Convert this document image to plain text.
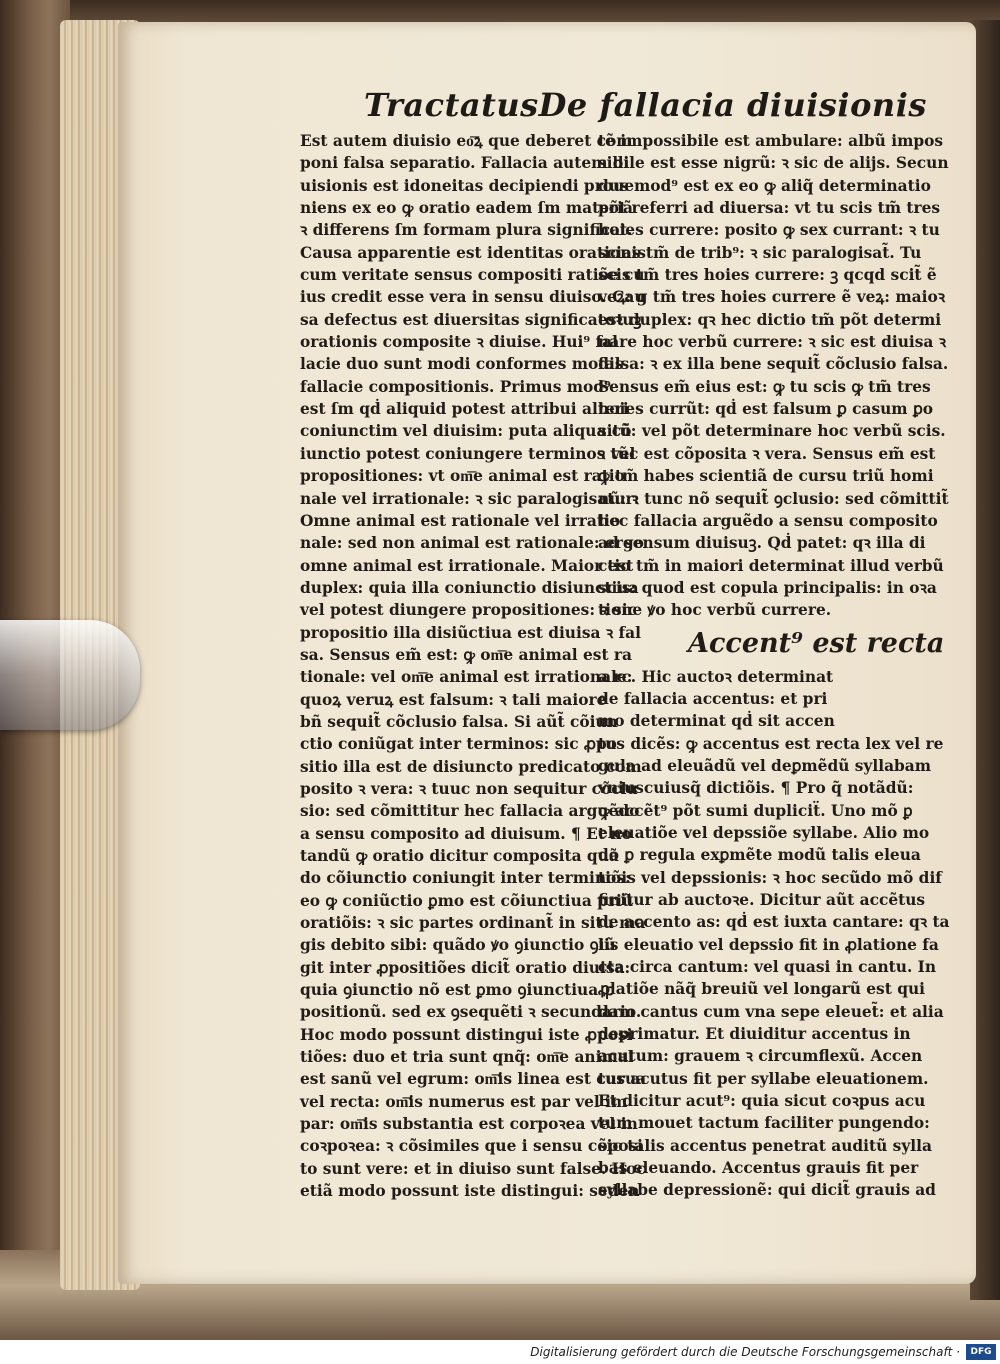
Tractatus De fallacia diuisionis
Est autem diuisio eo͞ꝝ que deberet com
poni falsa separatio. Fallacia autem di
uisionis est idoneitas decipiendi proue
niens ex eo ꝙ oratio eadem ſm materiã
ꝛ differens ſm formam plura significat.
Causa apparentie est identitas orationis
cum veritate sensus compositi ratiõe cu
ius credit esse vera in sensu diuiso. Cau
sa defectus est diuersitas significatoꝛuꝫ
orationis composite ꝛ diuise. Hui⁹ fal
lacie duo sunt modi conformes modis
fallacie compositionis. Primus mod⁹
est ſm qḋ aliquid potest attribui alteri
coniunctim vel diuisim: puta aliqua cõ
iunctio potest coniungere terminos vel
propositiones: vt om͞e animal est ratio
nale vel irrationale: ꝛ sic paralogisatur:
Omne animal est rationale vel irratio
nale: sed non animal est rationale: ergo
omne animal est irrationale. Maior est
duplex: quia illa coniunctio disiunctiua
vel potest diungere propositiones: ꝛ sic
propositio illa disiũctiua est diuisa ꝛ fal
sa. Sensus em̃ est: ꝙ om͞e animal est ra
tionale: vel om͞e animal est irrationale:
quoꝝ veruꝝ est falsum: ꝛ tali maiore
bñ sequit̃ cõclusio falsa. Si aũt̃ cõiun
ctio coniũgat inter terminos: sic ꝓpo
sitio illa est de disiuncto predicato com
posito ꝛ vera: ꝛ tuuc non sequitur cõclu
sio: sed cõmittitur hec fallacia arguẽdo
a sensu composito ad diuisum. ¶ Et no
tandũ ꝙ oratio dicitur composita quã
do cõiunctio coniungit inter terminos:
eo ꝙ coniũctio ꝑmo est cõiunctiua priũ
oratiõis: ꝛ sic partes ordinant̃ in situ ma
gis debito sibi: quãdo ꝟo ꝯiunctio ꝯiũ
git inter ꝓpositiões dicit̃ oratio diuisa:
quia ꝯiunctio nõ est ꝑmo ꝯiunctiua ꝓ
positionũ. sed ex ꝯsequẽti ꝛ secundario.
Hoc modo possunt distingui iste ꝓposi
tiões: duo et tria sunt qnq̃: om͞e animal
est sanũ vel egrum: om͞is linea est curua
vel recta: om͞is numerus est par vel im
par: om͞is substantia est corpoꝛea vel in
coꝛpoꝛea: ꝛ cõsimiles que i sensu cõposi
to sunt vere: et in diuiso sunt false. Hoc
etiã modo possunt iste distingui: seden
tẽ impossibile est ambulare: albũ impos
sibile est esse nigrũ: ꝛ sic de alijs. Secun
dus mod⁹ est ex eo ꝙ aliq̃ determinatio
põt referri ad diuersa: vt tu scis tm̃ tres
hoies currere: posito ꝙ sex currant: ꝛ tu
scias tm̃ de trib⁹: ꝛ sic paralogisat̃. Tu
scis tm̃ tres hoies currere: ꝫ qcqd scit̃ ẽ
veꝝ: g tm̃ tres hoies currere ẽ veꝝ: maioꝛ
est duplex: qꝛ hec dictio tm̃ põt determi
nare hoc verbũ currere: ꝛ sic est diuisa ꝛ
falsa: ꝛ ex illa bene sequit̃ cõclusio falsa.
Sensus em̃ eius est: ꝙ tu scis ꝙ tm̃ tres
hoies currũt: qḋ est falsum ꝑ casum ꝑo
sitũ: vel põt determinare hoc verbũ scis.
ꝛ tũc est cõposita ꝛ vera. Sensus em̃ est
ꝙ tm̃ habes scientiã de cursu triũ homi
nũ: ꝛ tunc nõ sequit̃ ꝯclusio: sed cõmittit̃
hec fallacia arguẽdo a sensu composito
ad sensum diuisuꝫ. Qḋ patet: qꝛ illa di
ctio tm̃ in maiori determinat illud verbũ
scis: quod est copula principalis: in oꝛa
tione ꝟo hoc verbũ currere.
Accent⁹ est recta
a rc. Hic auctoꝛ determinat
de fallacia accentus: et pri
mo determinat qḋ sit accen
tus dicẽs: ꝙ accentus est recta lex vel re
gula ad eleuãdũ vel deꝑmẽdũ syllabam
vniuscuiusq̃ dictiõis. ¶ Pro q̃ notãdũ:
ꝙ accẽt⁹ põt sumi dupliciẗ. Uno mõ ꝑ
eleuatiõe vel depssiõe syllabe. Alio mo
do ꝑ regula exꝑmẽte modũ talis eleua
tiõis vel depssionis: ꝛ hoc secũdo mõ dif
finitur ab auctoꝛe. Dicitur aũt accẽtus
de accento as: qḋ est iuxta cantare: qꝛ ta
lis eleuatio vel depssio fit in ꝓlatione fa
cta circa cantum: vel quasi in cantu. In
ꝓlatiõe nãq̃ breuiũ vel longarũ est qui
dam cantus cum vna sepe eleuet̃: et alia
deprimatur. Et diuiditur accentus in
acutum: grauem ꝛ circumflexũ. Accen
tus acutus fit per syllabe eleuationem.
Et dicitur acut⁹: quia sicut coꝛpus acu
tum mouet tactum faciliter pungendo:
sic talis accentus penetrat auditũ sylla
bas eleuando. Accentus grauis fit per
syllabe depressionẽ: qui dicit̃ grauis ad
Digitalisierung gefördert durch die Deutsche Forschungsgemeinschaft ·	DFG
